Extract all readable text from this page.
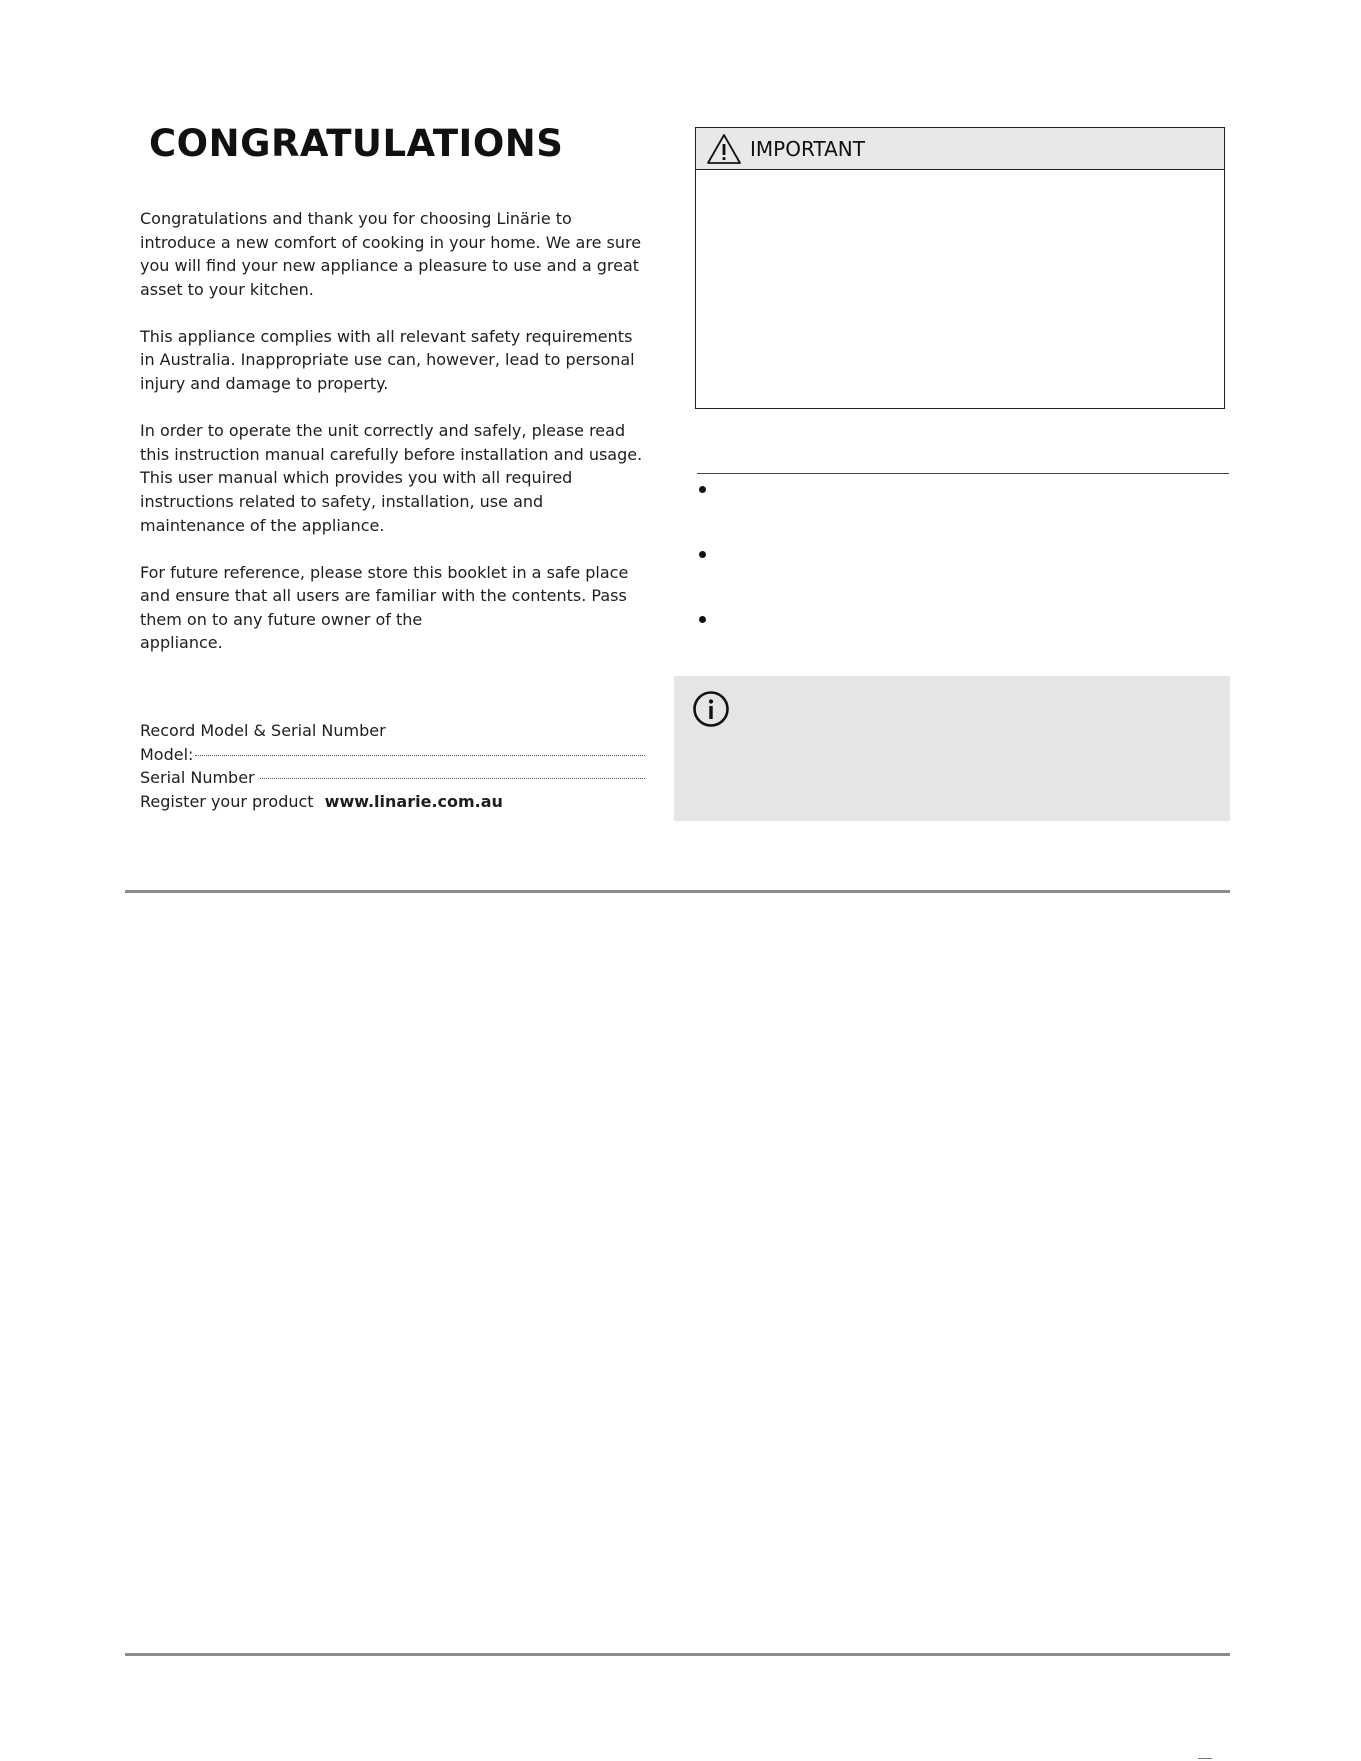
CONGRATULATIONS

Congratulations and thank you for choosing Linärie to introduce a new comfort of cooking in your home. We are sure you will find your new appliance a pleasure to use and a great asset to your kitchen.

This appliance complies with all relevant safety requirements in Australia. Inappropriate use can, however, lead to personal injury and damage to property.

In order to operate the unit correctly and safely, please read this instruction manual carefully before installation and usage. This user manual which provides you with all required instructions related to safety, installation, use and maintenance of the appliance.

For future reference, please store this booklet in a safe place and ensure that all users are familiar with the contents. Pass them on to any future owner of the
appliance.

Record Model & Serial Number
Model:
Serial Number
Register your product www.linarie.com.au
IMPORTANT
